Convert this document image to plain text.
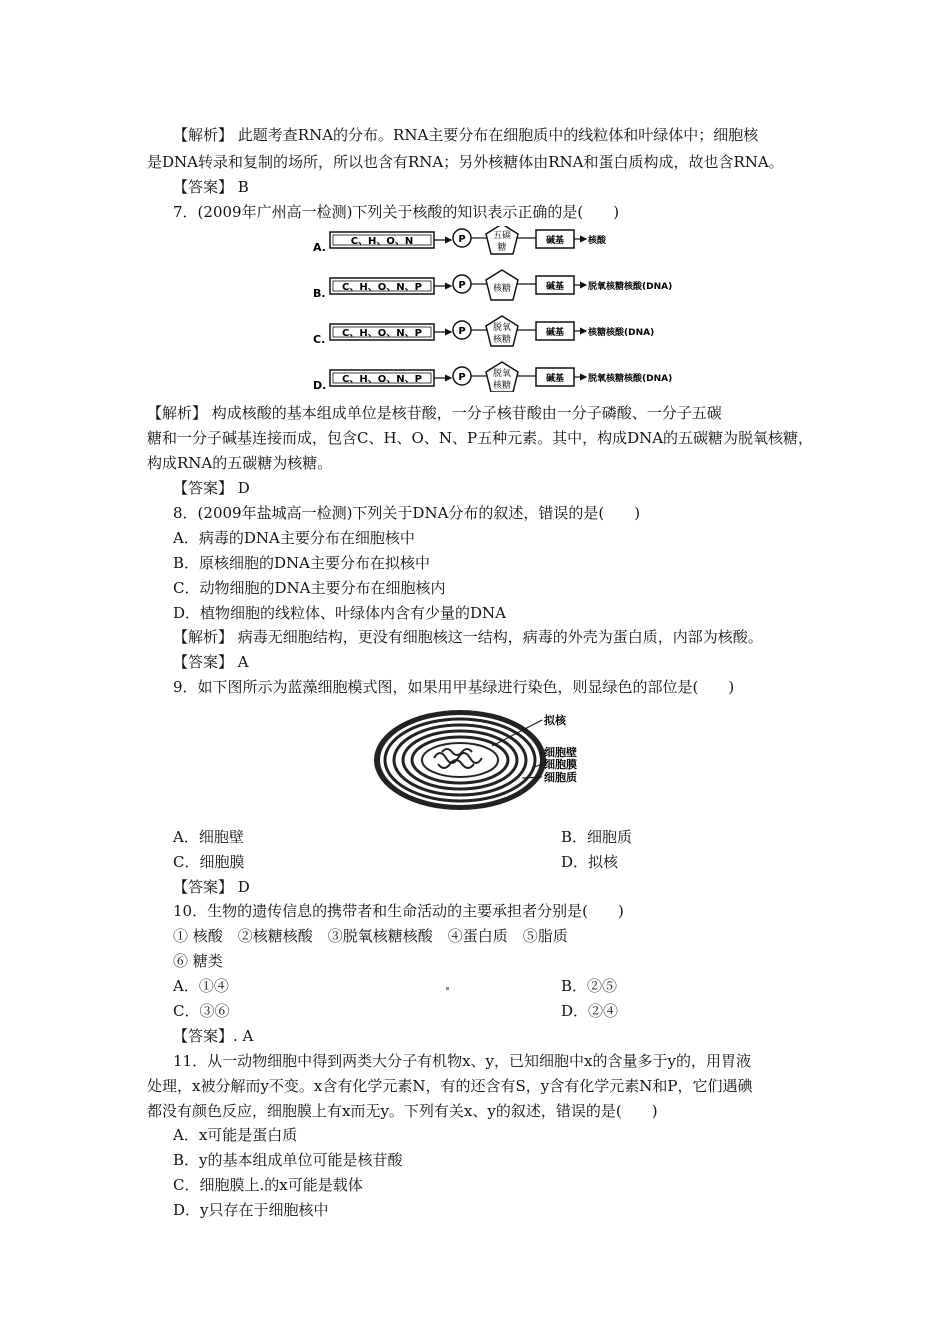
【解析】 此题考查RNA的分布。RNA主要分布在细胞质中的线粒体和叶绿体中；细胞核
是DNA转录和复制的场所，所以也含有RNA；另外核糖体由RNA和蛋白质构成，故也含RNA。
【答案】 B
7．(2009年广州高一检测)下列关于核酸的知识表示正确的是(　　)
A. C、H、O、N	P	五碳
糖
碱基	核酸
B. C、H、O、N、P	P	核糖	碱基	脱氧核糖核酸(DNA)
C. C、H、O、N、P	P	脱氧
核糖
碱基	核糖核酸(DNA)
D. C、H、O、N、P	P	脱氧
核糖
碱基	脱氧核糖核酸(DNA)
【解析】 构成核酸的基本组成单位是核苷酸，一分子核苷酸由一分子磷酸、一分子五碳
糖和一分子碱基连接而成，包含C、H、O、N、P五种元素。其中，构成DNA的五碳糖为脱氧核糖，
构成RNA的五碳糖为核糖。
【答案】 D
8．(2009年盐城高一检测)下列关于DNA分布的叙述，错误的是(　　)
A．病毒的DNA主要分布在细胞核中
B．原核细胞的DNA主要分布在拟核中
C．动物细胞的DNA主要分布在细胞核内
D．植物细胞的线粒体、叶绿体内含有少量的DNA
【解析】 病毒无细胞结构，更没有细胞核这一结构，病毒的外壳为蛋白质，内部为核酸。
【答案】 A
9．如下图所示为蓝藻细胞模式图，如果用甲基绿进行染色，则显绿色的部位是(　　)
拟核
细胞壁
细胞膜
细胞质
A．细胞壁	B．细胞质
C．细胞膜	D．拟核
【答案】 D
10．生物的遗传信息的携带者和生命活动的主要承担者分别是(　　)
① 核酸　②核糖核酸　③脱氧核糖核酸　④蛋白质　⑤脂质
⑥ 糖类
A．①④	B．②⑤
C．③⑥	D．②④
【答案】. A
11．从一动物细胞中得到两类大分子有机物x、y，已知细胞中x的含量多于y的，用胃液
处理，x被分解而y不变。x含有化学元素N，有的还含有S，y含有化学元素N和P，它们遇碘
都没有颜色反应，细胞膜上有x而无y。下列有关x、y的叙述，错误的是(　　)
A．x可能是蛋白质
B．y的基本组成单位可能是核苷酸
C．细胞膜上.的x可能是载体
D．y只存在于细胞核中
